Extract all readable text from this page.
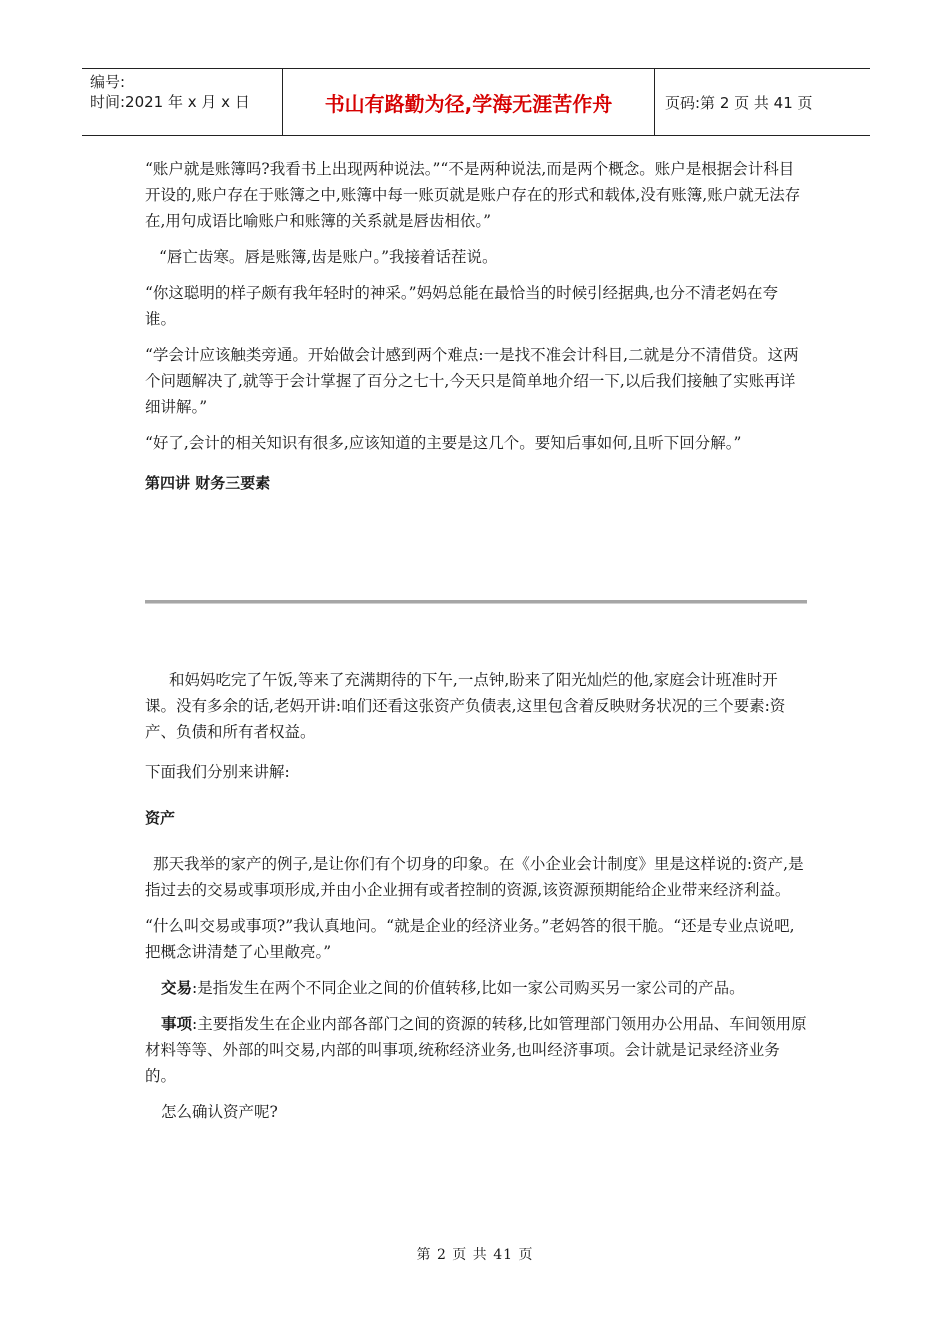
编号:
时间:2021 年 x 月 x 日	书山有路勤为径,学海无涯苦作舟	页码:第 2 页 共 41 页

“账户就是账簿吗?我看书上出现两种说法。”“不是两种说法,而是两个概念。账户是根据会计科目开设的,账户存在于账簿之中,账簿中每一账页就是账户存在的形式和载体,没有账簿,账户就无法存在,用句成语比喻账户和账簿的关系就是唇齿相依。”

“唇亡齿寒。唇是账簿,齿是账户。”我接着话茬说。

“你这聪明的样子颇有我年轻时的神采。”妈妈总能在最恰当的时候引经据典,也分不清老妈在夸谁。

“学会计应该触类旁通。开始做会计感到两个难点:一是找不准会计科目,二就是分不清借贷。这两个问题解决了,就等于会计掌握了百分之七十,今天只是简单地介绍一下,以后我们接触了实账再详细讲解。”

“好了,会计的相关知识有很多,应该知道的主要是这几个。要知后事如何,且听下回分解。”

第四讲 财务三要素

和妈妈吃完了午饭,等来了充满期待的下午,一点钟,盼来了阳光灿烂的他,家庭会计班准时开课。没有多余的话,老妈开讲:咱们还看这张资产负债表,这里包含着反映财务状况的三个要素:资产、负债和所有者权益。

下面我们分别来讲解:

资产

那天我举的家产的例子,是让你们有个切身的印象。在《小企业会计制度》里是这样说的:资产,是指过去的交易或事项形成,并由小企业拥有或者控制的资源,该资源预期能给企业带来经济利益。

“什么叫交易或事项?”我认真地问。“就是企业的经济业务。”老妈答的很干脆。“还是专业点说吧,把概念讲清楚了心里敞亮。”

交易:是指发生在两个不同企业之间的价值转移,比如一家公司购买另一家公司的产品。

事项:主要指发生在企业内部各部门之间的资源的转移,比如管理部门领用办公用品、车间领用原材料等等、外部的叫交易,内部的叫事项,统称经济业务,也叫经济事项。会计就是记录经济业务的。

怎么确认资产呢?

第 2 页 共 41 页
